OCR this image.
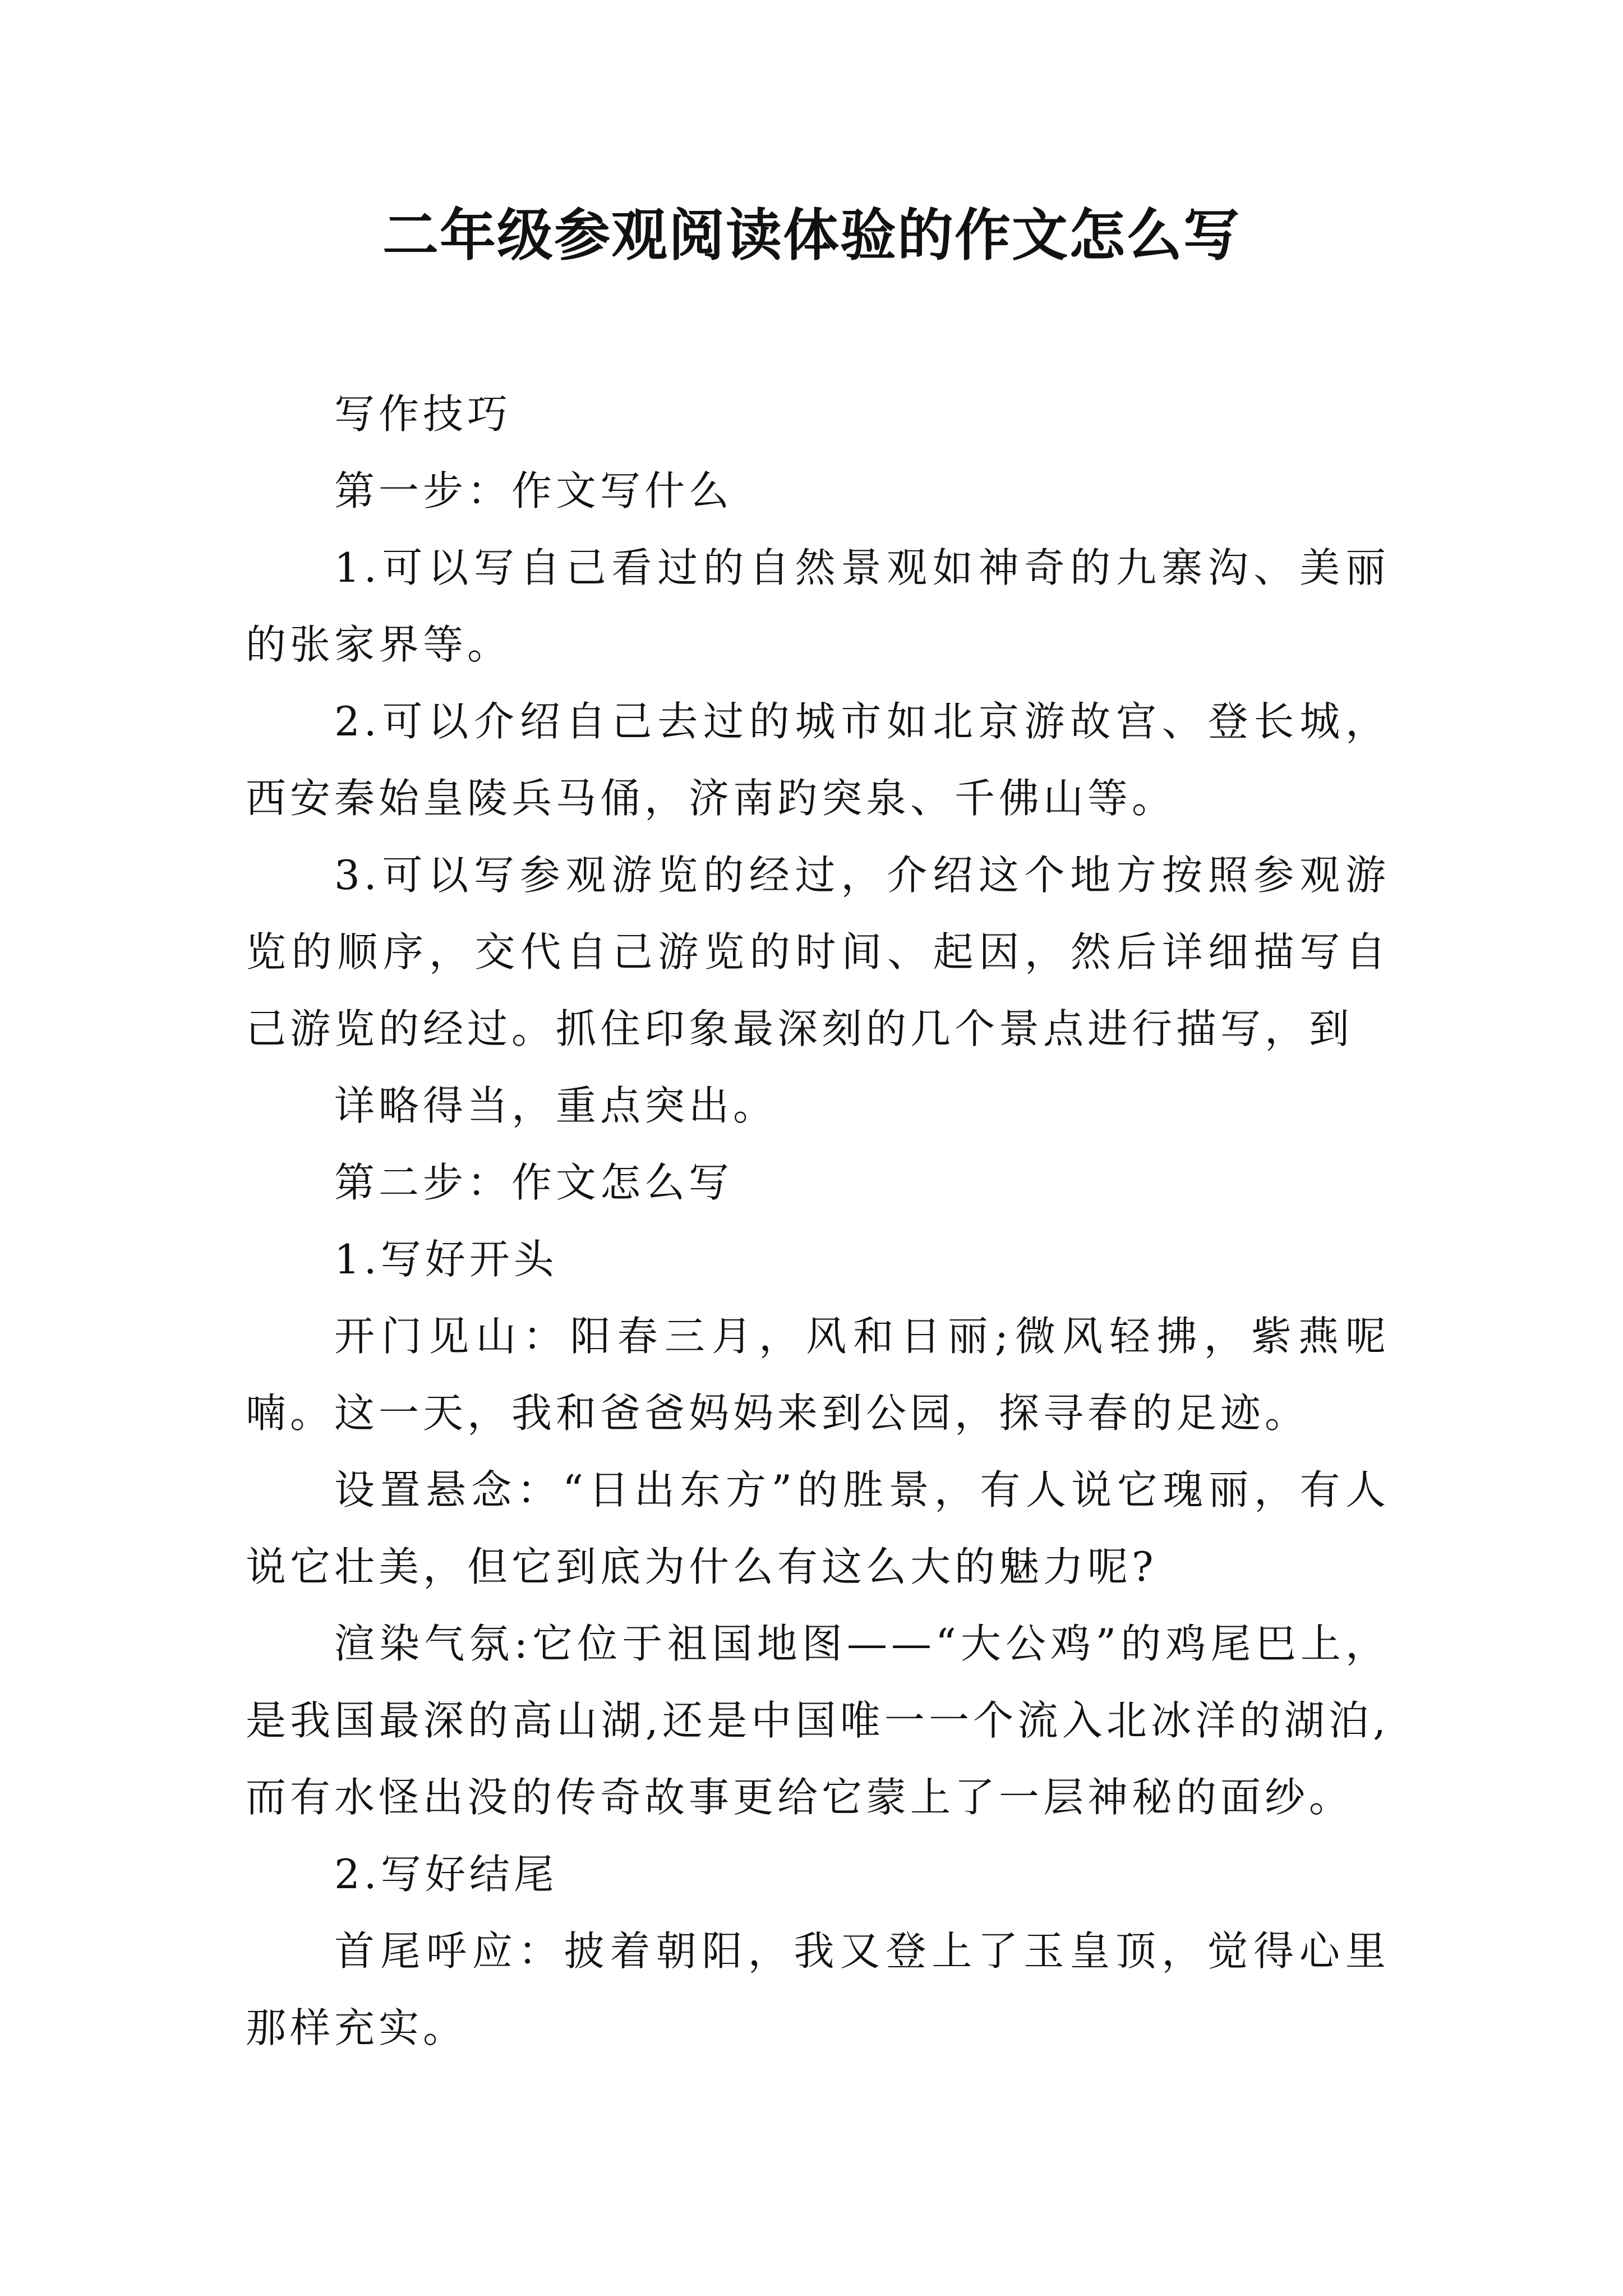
二年级参观阅读体验的作文怎么写

写作技巧

第一步：作文写什么

1.可以写自己看过的自然景观如神奇的九寨沟、美丽的张家界等。

2.可以介绍自己去过的城市如北京游故宫、登长城，西安秦始皇陵兵马俑，济南趵突泉、千佛山等。

3.可以写参观游览的经过，介绍这个地方按照参观游览的顺序，交代自己游览的时间、起因，然后详细描写自己游览的经过。抓住印象最深刻的几个景点进行描写，到

详略得当，重点突出。

第二步：作文怎么写

1.写好开头

开门见山：阳春三月，风和日丽;微风轻拂，紫燕呢喃。这一天，我和爸爸妈妈来到公园，探寻春的足迹。

设置悬念：“日出东方”的胜景，有人说它瑰丽，有人说它壮美，但它到底为什么有这么大的魅力呢?

渲染气氛:它位于祖国地图——“大公鸡”的鸡尾巴上，是我国最深的高山湖,还是中国唯一一个流入北冰洋的湖泊,而有水怪出没的传奇故事更给它蒙上了一层神秘的面纱。

2.写好结尾

首尾呼应：披着朝阳，我又登上了玉皇顶，觉得心里那样充实。
